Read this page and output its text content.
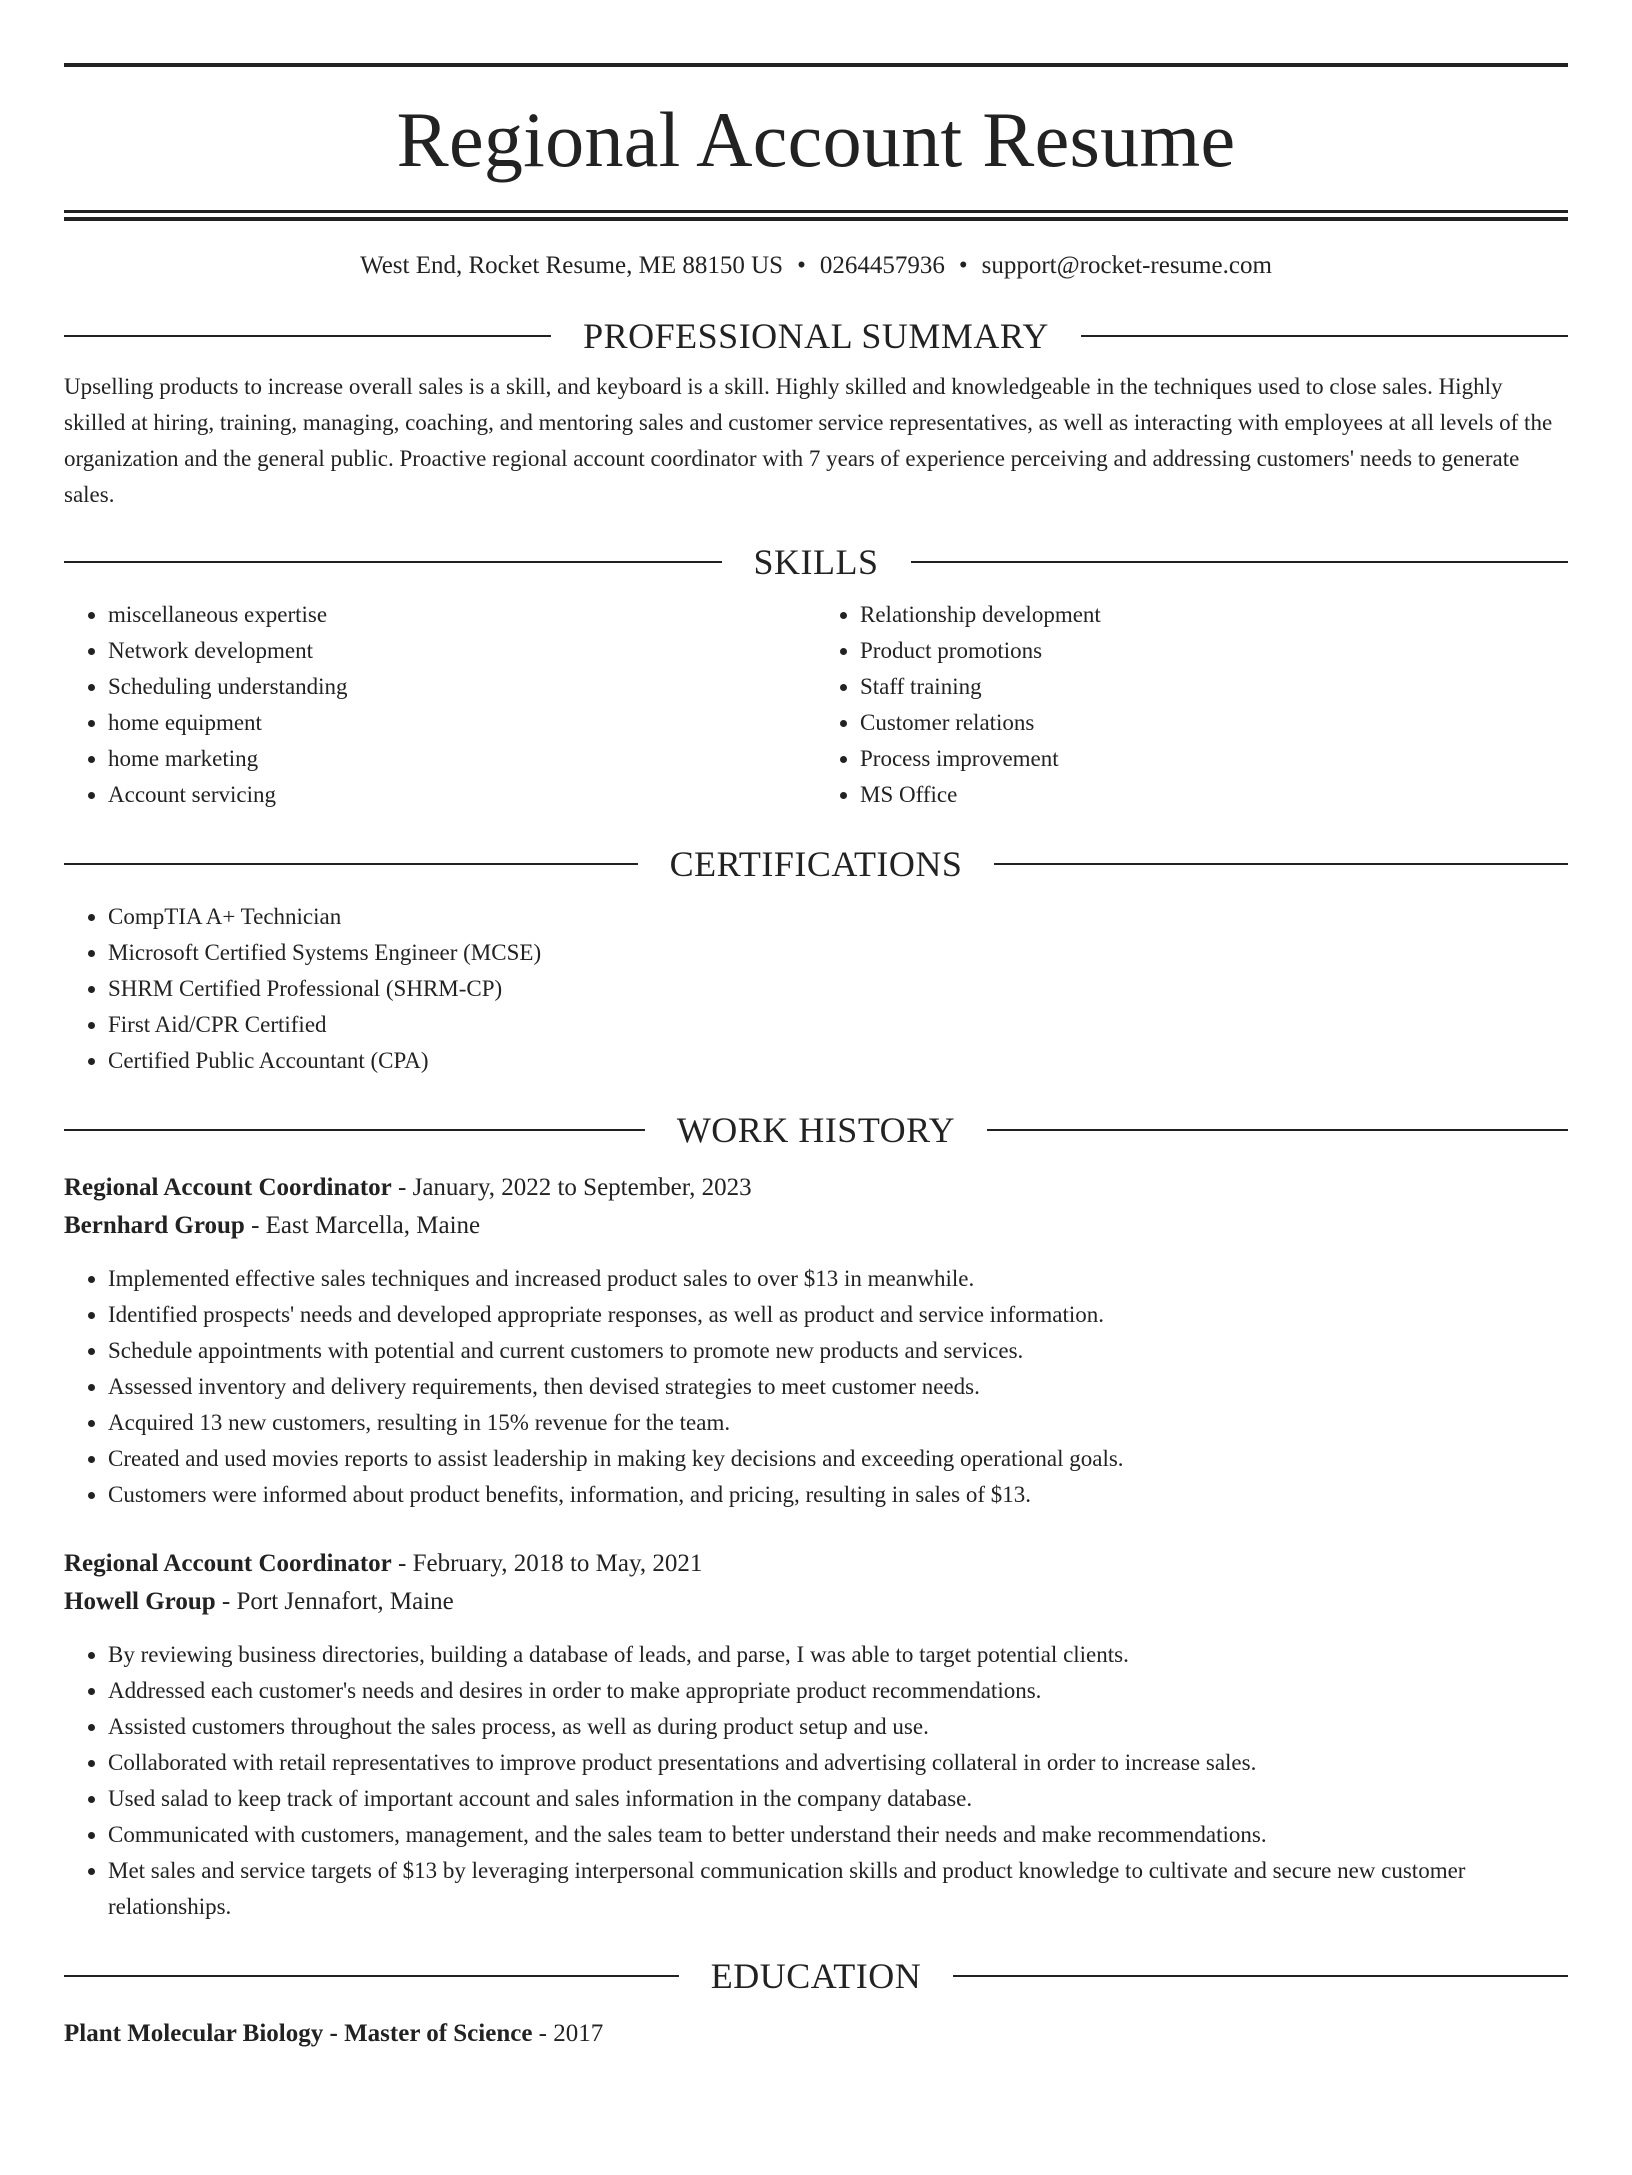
Regional Account Resume
West End, Rocket Resume, ME 88150 US • 0264457936 • support@rocket-resume.com
PROFESSIONAL SUMMARY
Upselling products to increase overall sales is a skill, and keyboard is a skill. Highly skilled and knowledgeable in the techniques used to close sales. Highly skilled at hiring, training, managing, coaching, and mentoring sales and customer service representatives, as well as interacting with employees at all levels of the organization and the general public. Proactive regional account coordinator with 7 years of experience perceiving and addressing customers' needs to generate sales.
SKILLS
• miscellaneous expertise
• Network development
• Scheduling understanding
• home equipment
• home marketing
• Account servicing
• Relationship development
• Product promotions
• Staff training
• Customer relations
• Process improvement
• MS Office
CERTIFICATIONS
• CompTIA A+ Technician
• Microsoft Certified Systems Engineer (MCSE)
• SHRM Certified Professional (SHRM-CP)
• First Aid/CPR Certified
• Certified Public Accountant (CPA)
WORK HISTORY
Regional Account Coordinator - January, 2022 to September, 2023
Bernhard Group - East Marcella, Maine
• Implemented effective sales techniques and increased product sales to over $13 in meanwhile.
• Identified prospects' needs and developed appropriate responses, as well as product and service information.
• Schedule appointments with potential and current customers to promote new products and services.
• Assessed inventory and delivery requirements, then devised strategies to meet customer needs.
• Acquired 13 new customers, resulting in 15% revenue for the team.
• Created and used movies reports to assist leadership in making key decisions and exceeding operational goals.
• Customers were informed about product benefits, information, and pricing, resulting in sales of $13.
Regional Account Coordinator - February, 2018 to May, 2021
Howell Group - Port Jennafort, Maine
• By reviewing business directories, building a database of leads, and parse, I was able to target potential clients.
• Addressed each customer's needs and desires in order to make appropriate product recommendations.
• Assisted customers throughout the sales process, as well as during product setup and use.
• Collaborated with retail representatives to improve product presentations and advertising collateral in order to increase sales.
• Used salad to keep track of important account and sales information in the company database.
• Communicated with customers, management, and the sales team to better understand their needs and make recommendations.
• Met sales and service targets of $13 by leveraging interpersonal communication skills and product knowledge to cultivate and secure new customer relationships.
EDUCATION
Plant Molecular Biology - Master of Science - 2017
